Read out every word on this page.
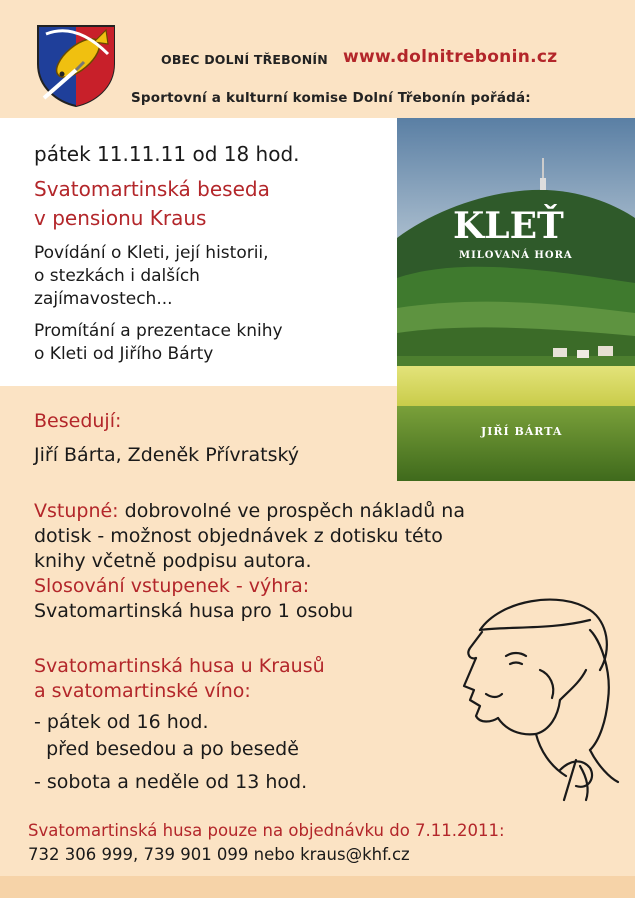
OBEC DOLNÍ TŘEBONÍN www.dolnitrebonin.cz
Sportovní a kulturní komise Dolní Třebonín pořádá:
pátek 11.11.11 od 18 hod.
Svatomartinská beseda
v pensionu Kraus
Povídání o Kleti, její historii,
o stezkách i dalších
zajímavostech...
Promítání a prezentace knihy
o Kleti od Jiřího Bárty
KLEŤ
MILOVANÁ HORA
JIŘÍ BÁRTA
Besedují:
Jiří Bárta, Zdeněk Přívratský
Vstupné: dobrovolné ve prospěch nákladů na
dotisk - možnost objednávek z dotisku této
knihy včetně podpisu autora.
Slosování vstupenek - výhra:
Svatomartinská husa pro 1 osobu
Svatomartinská husa u Krausů
a svatomartinské víno:
- pátek od 16 hod.
před besedou a po besedě
- sobota a neděle od 13 hod.
Svatomartinská husa pouze na objednávku do 7.11.2011:
732 306 999, 739 901 099 nebo kraus@khf.cz
